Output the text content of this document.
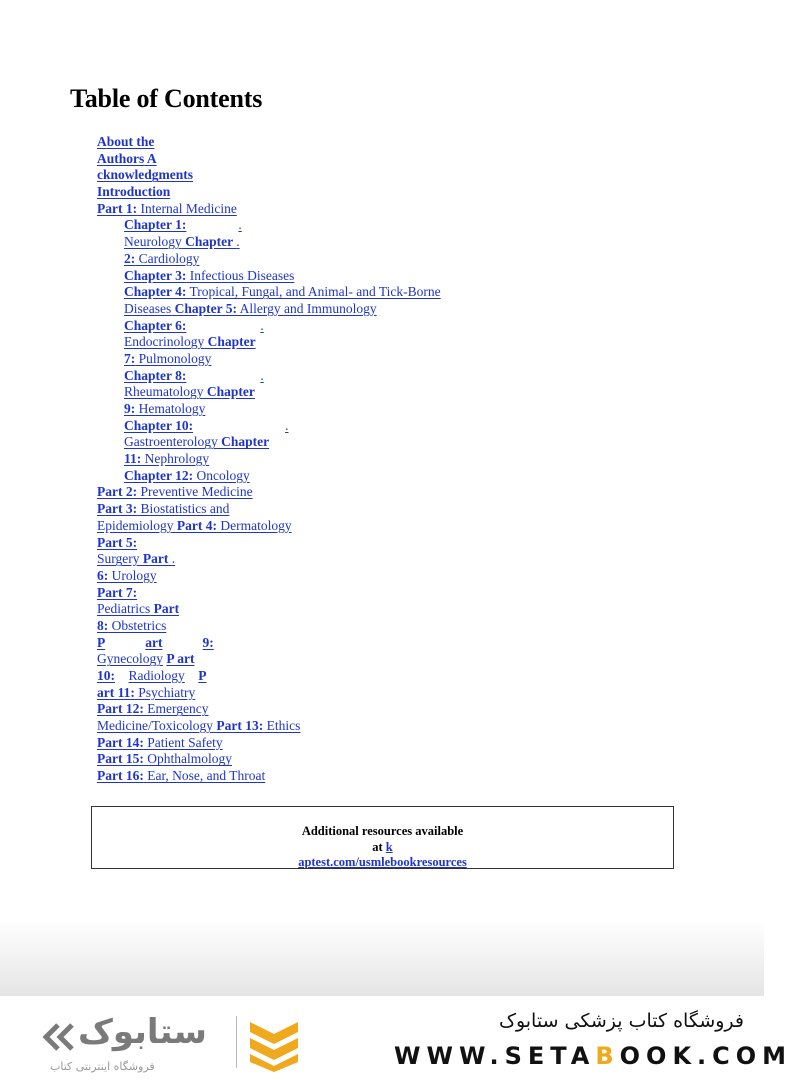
Table of Contents
About the
Authors A
cknowledgments
Introduction
Part 1: Internal Medicine
Chapter 1:	.
Neurology Chapter .
2: Cardiology
Chapter 3: Infectious Diseases
Chapter 4: Tropical, Fungal, and Animal- and Tick-Borne
Diseases Chapter 5: Allergy and Immunology
Chapter 6:	.
Endocrinology Chapter
7: Pulmonology
Chapter 8:	.
Rheumatology Chapter
9: Hematology
Chapter 10:	.
Gastroenterology Chapter
11: Nephrology
Chapter 12: Oncology
Part 2: Preventive Medicine
Part 3: Biostatistics and
Epidemiology Part 4: Dermatology
Part 5:
Surgery Part .
6: Urology
Part 7:
Pediatrics Part
8: Obstetrics
P	art	9:
Gynecology P art
10: Radiology P
art 11: Psychiatry
Part 12: Emergency
Medicine/Toxicology Part 13: Ethics
Part 14: Patient Safety
Part 15: Ophthalmology
Part 16: Ear, Nose, and Throat
Additional resources available
at k
aptest.com/usmlebookresources
ستابوک
فروشگاه اینترنتی کتاب
فروشگاه کتاب پزشکی ستابوک
WWW.SETABOOK.COM
